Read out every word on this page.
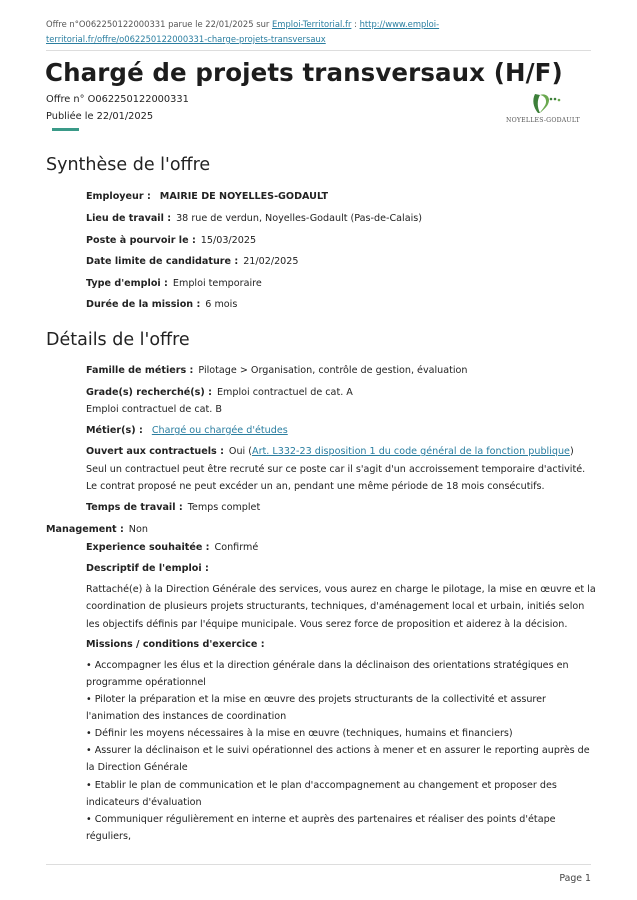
Offre n°O062250122000331 parue le 22/01/2025 sur Emploi-Territorial.fr : http://www.emploi-territorial.fr/offre/o062250122000331-charge-projets-transversaux
Chargé de projets transversaux (H/F)
Offre n° O062250122000331
Publiée le 22/01/2025	NOYELLES-GODAULT
Synthèse de l'offre
Employeur : MAIRIE DE NOYELLES-GODAULT
Lieu de travail : 38 rue de verdun, Noyelles-Godault (Pas-de-Calais)
Poste à pourvoir le : 15/03/2025
Date limite de candidature : 21/02/2025
Type d'emploi : Emploi temporaire
Durée de la mission : 6 mois
Détails de l'offre
Famille de métiers : Pilotage > Organisation, contrôle de gestion, évaluation
Grade(s) recherché(s) : Emploi contractuel de cat. A
Emploi contractuel de cat. B
Métier(s) : Chargé ou chargée d'études
Ouvert aux contractuels : Oui (Art. L332-23 disposition 1 du code général de la fonction publique)
Seul un contractuel peut être recruté sur ce poste car il s'agit d'un accroissement temporaire d'activité. Le contrat proposé ne peut excéder un an, pendant une même période de 18 mois consécutifs.
Temps de travail : Temps complet
Management : Non
Experience souhaitée : Confirmé
Descriptif de l'emploi :
Rattaché(e) à la Direction Générale des services, vous aurez en charge le pilotage, la mise en œuvre et la coordination de plusieurs projets structurants, techniques, d'aménagement local et urbain, initiés selon les objectifs définis par l'équipe municipale. Vous serez force de proposition et aiderez à la décision.
Missions / conditions d'exercice :
• Accompagner les élus et la direction générale dans la déclinaison des orientations stratégiques en programme opérationnel
• Piloter la préparation et la mise en œuvre des projets structurants de la collectivité et assurer l'animation des instances de coordination
• Définir les moyens nécessaires à la mise en œuvre (techniques, humains et financiers)
• Assurer la déclinaison et le suivi opérationnel des actions à mener et en assurer le reporting auprès de la Direction Générale
• Etablir le plan de communication et le plan d'accompagnement au changement et proposer des indicateurs d'évaluation
• Communiquer régulièrement en interne et auprès des partenaires et réaliser des points d'étape réguliers,
Page 1
